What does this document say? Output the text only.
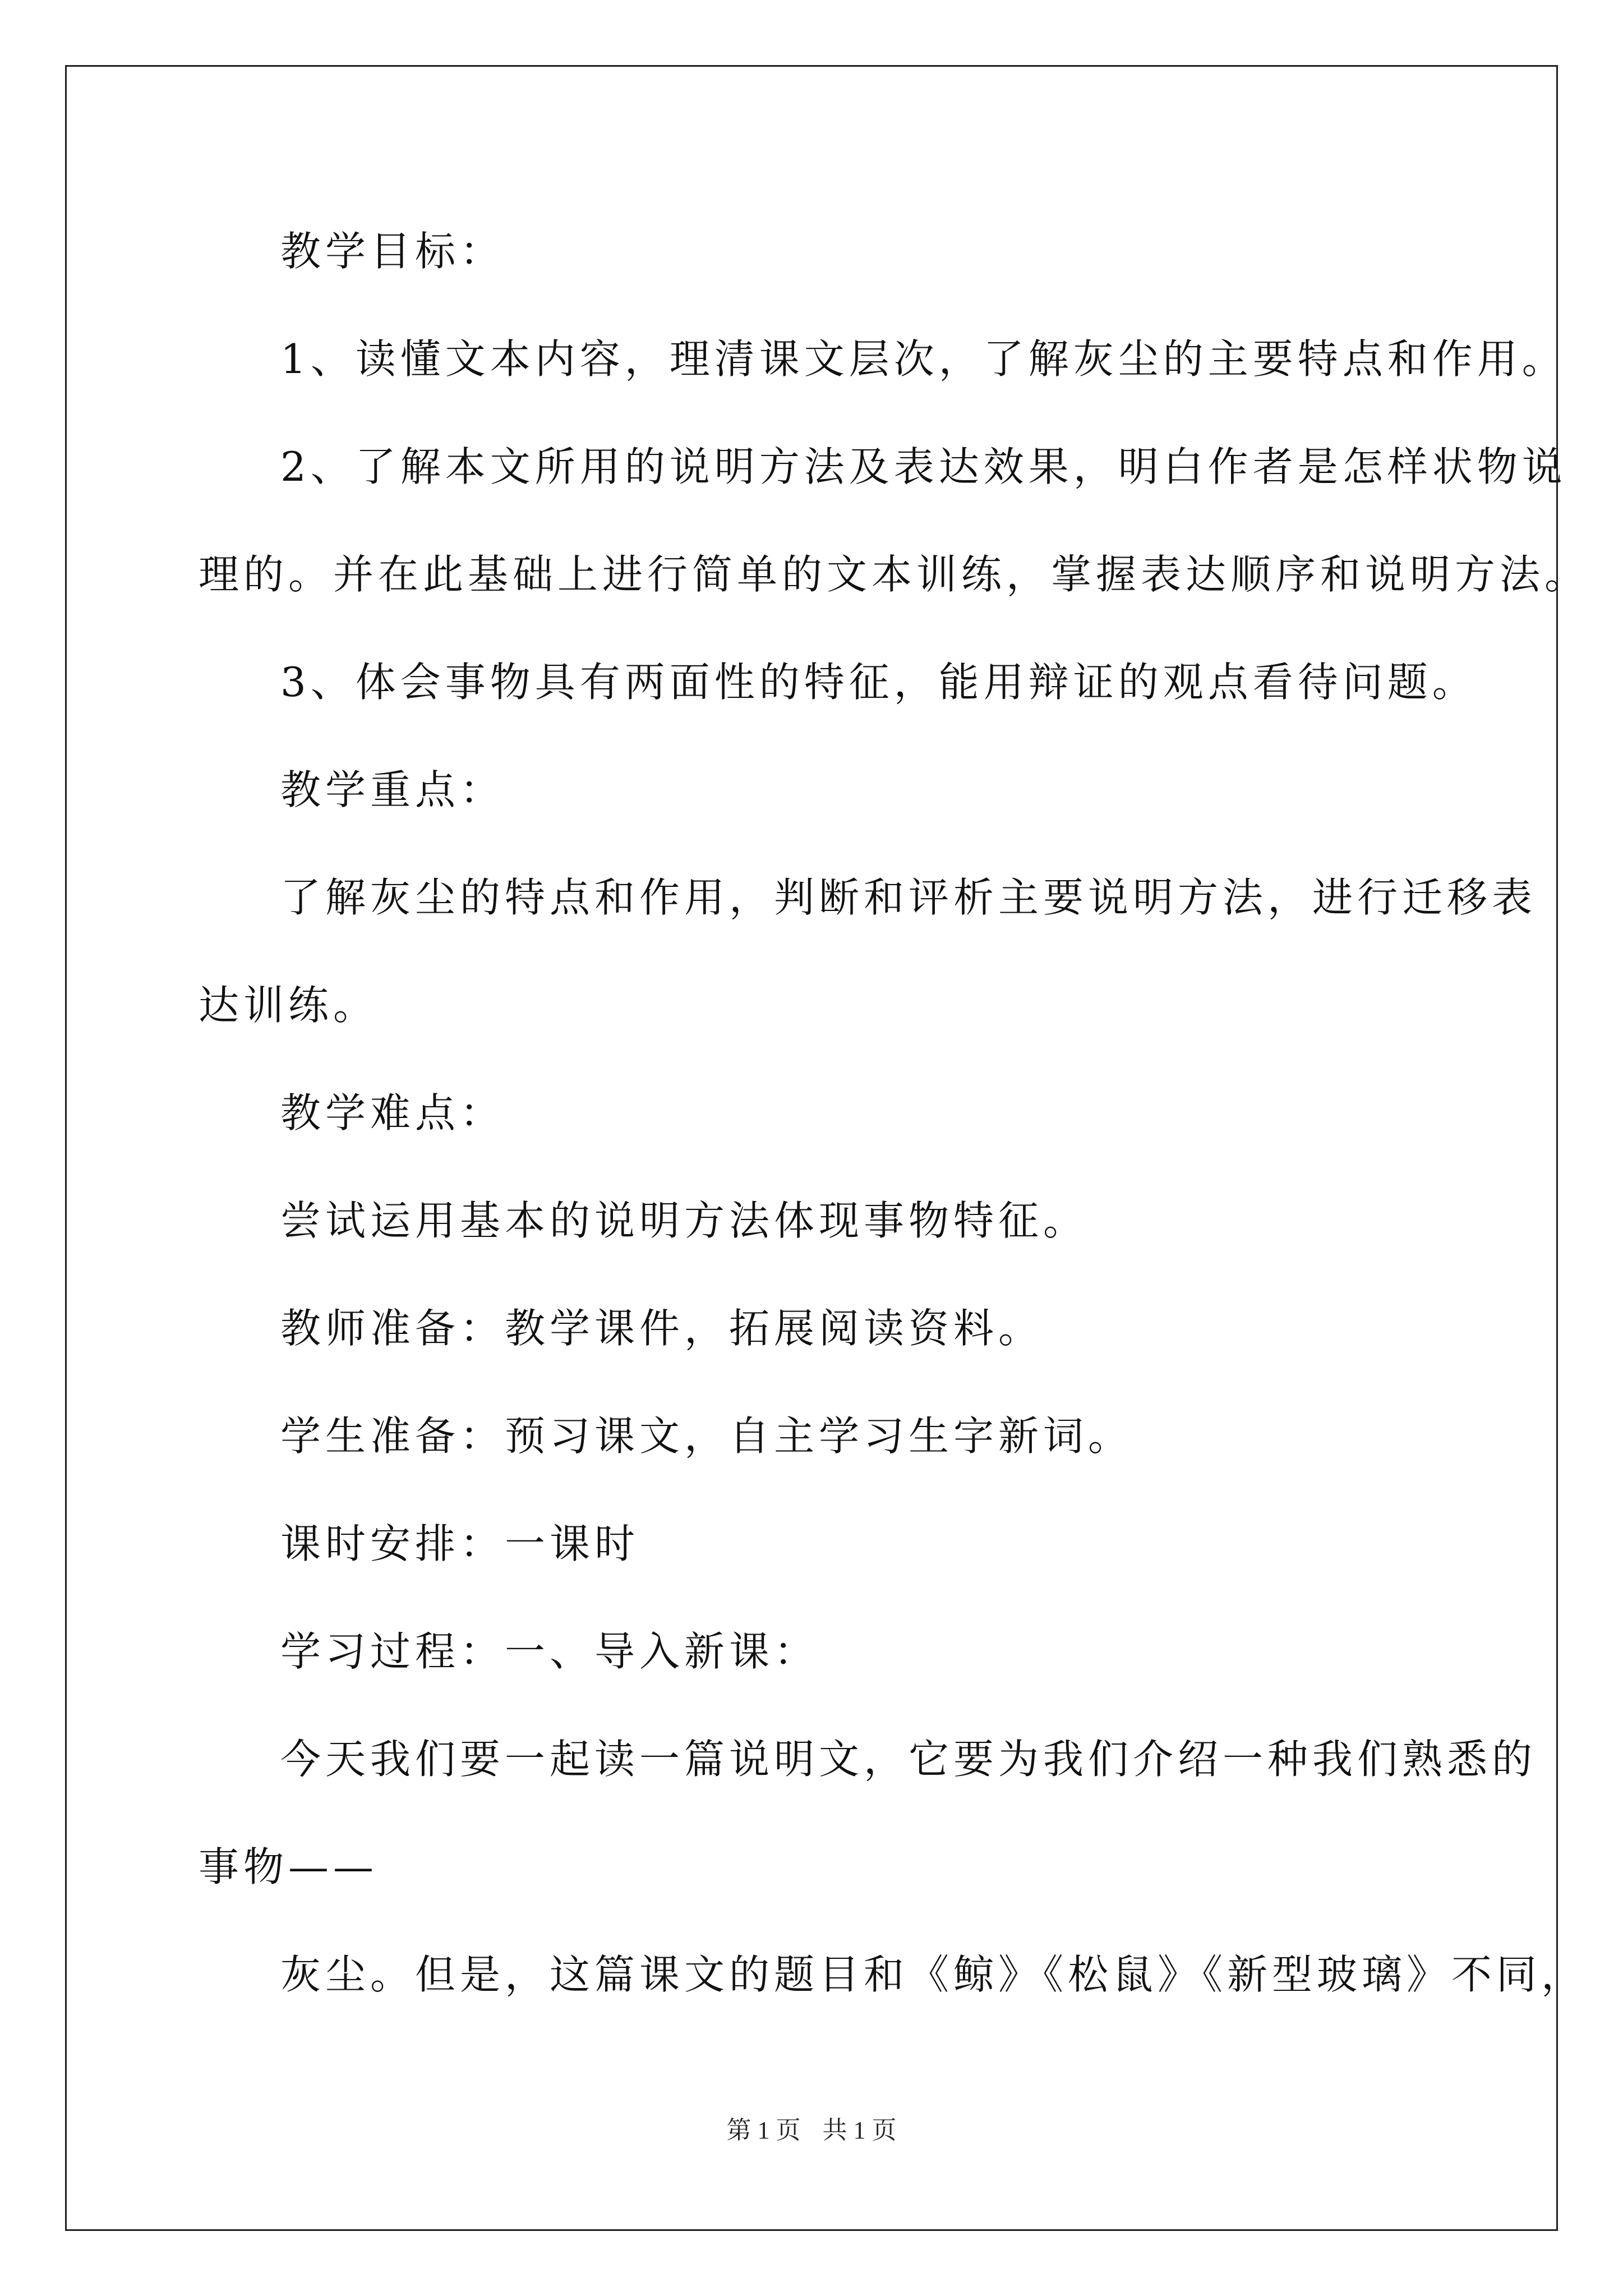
教学目标：
1、读懂文本内容，理清课文层次，了解灰尘的主要特点和作用。
2、了解本文所用的说明方法及表达效果，明白作者是怎样状物说
理的。并在此基础上进行简单的文本训练，掌握表达顺序和说明方法。
3、体会事物具有两面性的特征，能用辩证的观点看待问题。
教学重点：
了解灰尘的特点和作用，判断和评析主要说明方法，进行迁移表
达训练。
教学难点：
尝试运用基本的说明方法体现事物特征。
教师准备：教学课件，拓展阅读资料。
学生准备：预习课文，自主学习生字新词。
课时安排：一课时
学习过程：一、导入新课：
今天我们要一起读一篇说明文，它要为我们介绍一种我们熟悉的
事物——
灰尘。但是，这篇课文的题目和《鲸》《松鼠》《新型玻璃》不同，
第 1 页 共 1 页
